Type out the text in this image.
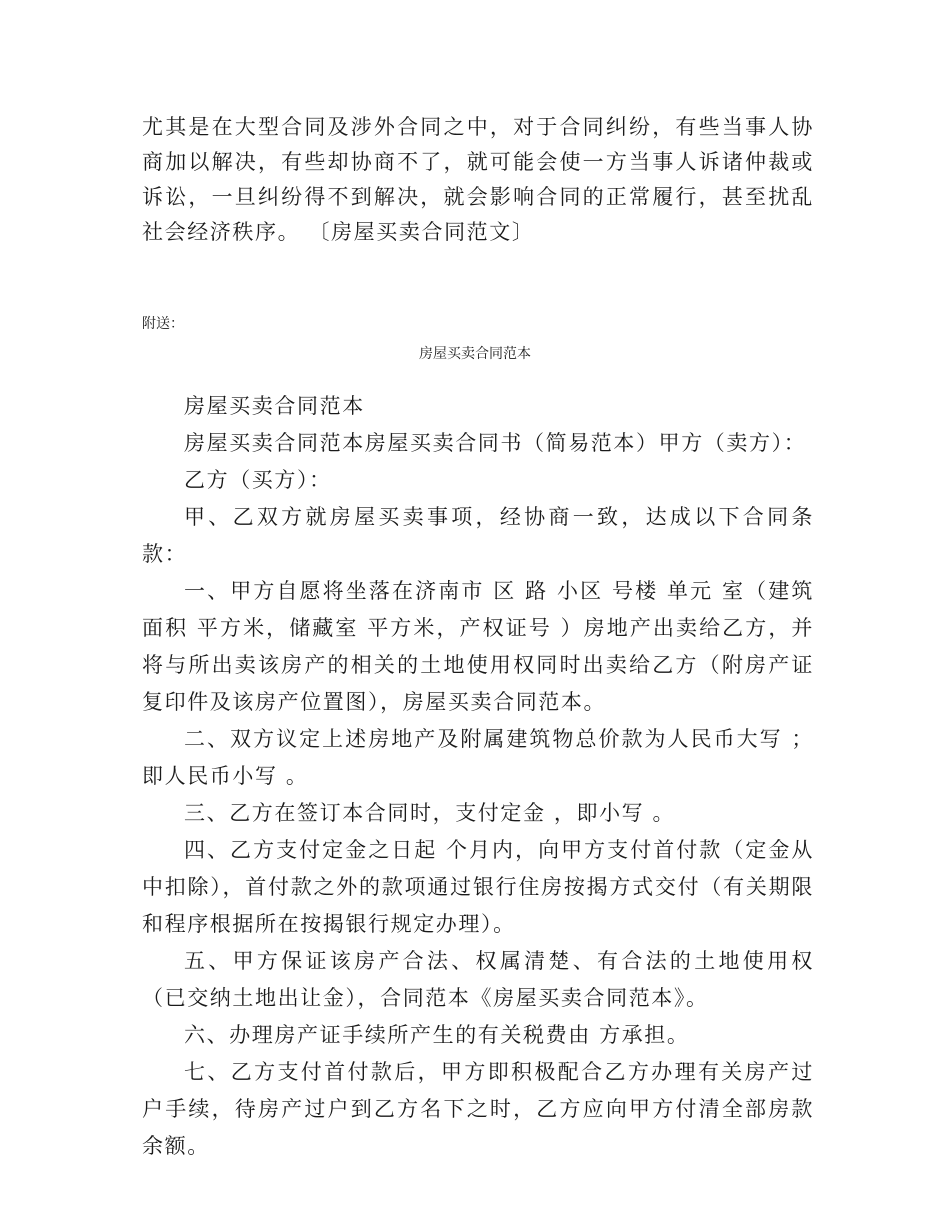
尤其是在大型合同及涉外合同之中，对于合同纠纷，有些当事人协商加以解决，有些却协商不了，就可能会使一方当事人诉诸仲裁或诉讼，一旦纠纷得不到解决，就会影响合同的正常履行，甚至扰乱社会经济秩序。 〔房屋买卖合同范文〕

附送：

房屋买卖合同范本

房屋买卖合同范本

房屋买卖合同范本房屋买卖合同书（简易范本）甲方（卖方）：

乙方（买方）：

甲、乙双方就房屋买卖事项，经协商一致，达成以下合同条款：

一、甲方自愿将坐落在济南市 区 路 小区 号楼 单元 室（建筑面积 平方米，储藏室 平方米，产权证号 ）房地产出卖给乙方，并将与所出卖该房产的相关的土地使用权同时出卖给乙方（附房产证复印件及该房产位置图），房屋买卖合同范本。

二、双方议定上述房地产及附属建筑物总价款为人民币大写 ；即人民币小写 。

三、乙方在签订本合同时，支付定金 ，即小写 。

四、乙方支付定金之日起 个月内，向甲方支付首付款（定金从中扣除），首付款之外的款项通过银行住房按揭方式交付（有关期限和程序根据所在按揭银行规定办理）。

五、甲方保证该房产合法、权属清楚、有合法的土地使用权（已交纳土地出让金），合同范本《房屋买卖合同范本》。

六、办理房产证手续所产生的有关税费由 方承担。

七、乙方支付首付款后，甲方即积极配合乙方办理有关房产过户手续，待房产过户到乙方名下之时，乙方应向甲方付清全部房款余额。
